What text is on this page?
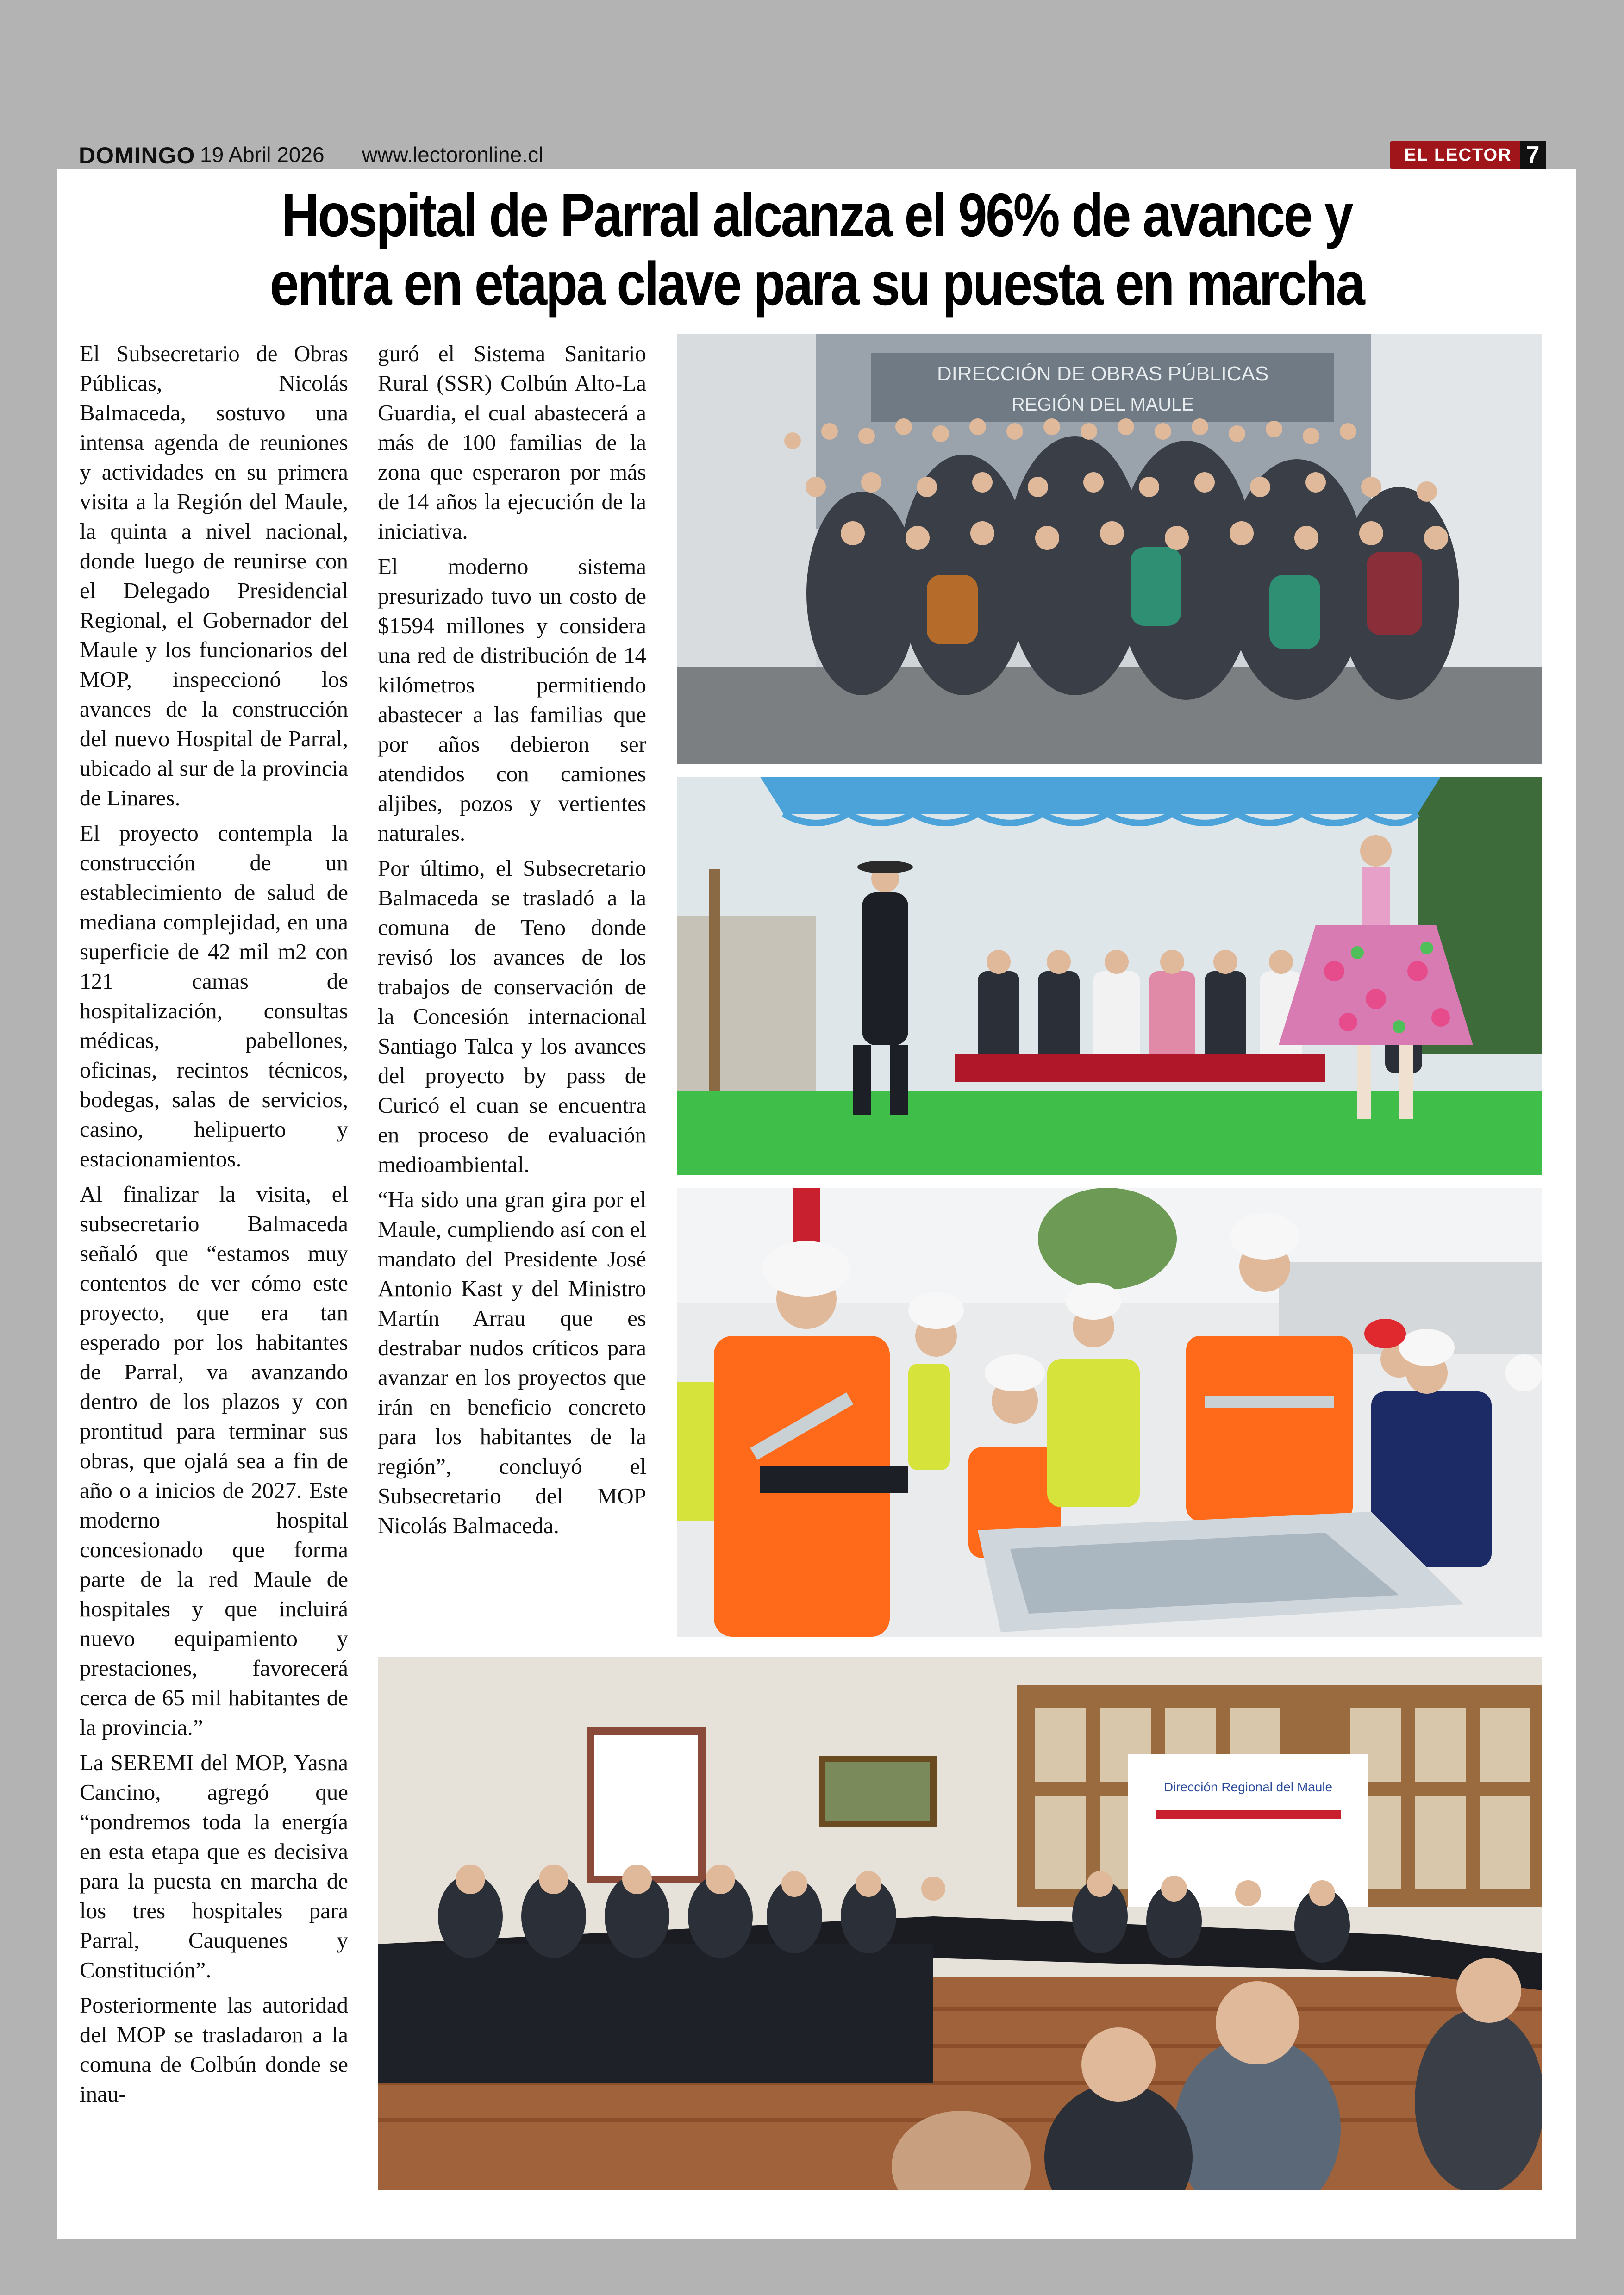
DOMINGO 19 Abril 2026 www.lectoronline.cl	EL LECTOR 7
Hospital de Parral alcanza el 96% de avance y entra en etapa clave para su puesta en marcha

El Subsecretario de Obras Públicas, Nicolás Balmaceda, sostuvo una intensa agenda de reuniones y actividades en su primera visita a la Región del Maule, la quinta a nivel nacional, donde luego de reunirse con el Delegado Presidencial Regional, el Gobernador del Maule y los funcionarios del MOP, inspeccionó los avances de la construcción del nuevo Hospital de Parral, ubicado al sur de la provincia de Linares.

El proyecto contempla la construcción de un establecimiento de salud de mediana complejidad, en una superficie de 42 mil m2 con 121 camas de hospitalización, consultas médicas, pabellones, oficinas, recintos técnicos, bodegas, salas de servicios, casino, helipuerto y estacionamientos.

Al finalizar la visita, el subsecretario Balmaceda señaló que “estamos muy contentos de ver cómo este proyecto, que era tan esperado por los habitantes de Parral, va avanzando dentro de los plazos y con prontitud para terminar sus obras, que ojalá sea a fin de año o a inicios de 2027. Este moderno hospital concesionado que forma parte de la red Maule de hospitales y que incluirá nuevo equipamiento y prestaciones, favorecerá cerca de 65 mil habitantes de la provincia.”

La SEREMI del MOP, Yasna Cancino, agregó que “pondremos toda la energía en esta etapa que es decisiva para la puesta en marcha de los tres hospitales para Parral, Cauquenes y Constitución”.

Posteriormente las autoridad del MOP se trasladaron a la comuna de Colbún donde se inau-

guró el Sistema Sanitario Rural (SSR) Colbún Alto-La Guardia, el cual abastecerá a más de 100 familias de la zona que esperaron por más de 14 años la ejecución de la iniciativa.

El moderno sistema presurizado tuvo un costo de $1594 millones y considera una red de distribución de 14 kilómetros permitiendo abastecer a las familias que por años debieron ser atendidos con camiones aljibes, pozos y vertientes naturales.

Por último, el Subsecretario Balmaceda se trasladó a la comuna de Teno donde revisó los avances de los trabajos de conservación de la Concesión internacional Santiago Talca y los avances del proyecto by pass de Curicó el cuan se encuentra en proceso de evaluación medioambiental.

“Ha sido una gran gira por el Maule, cumpliendo así con el mandato del Presidente José Antonio Kast y del Ministro Martín Arrau que es destrabar nudos críticos para avanzar en los proyectos que irán en beneficio concreto para los habitantes de la región”, concluyó el Subsecretario del MOP Nicolás Balmaceda.

DIRECCIÓN DE OBRAS PÚBLICAS
REGIÓN DEL MAULE
Dirección Regional del Maule
